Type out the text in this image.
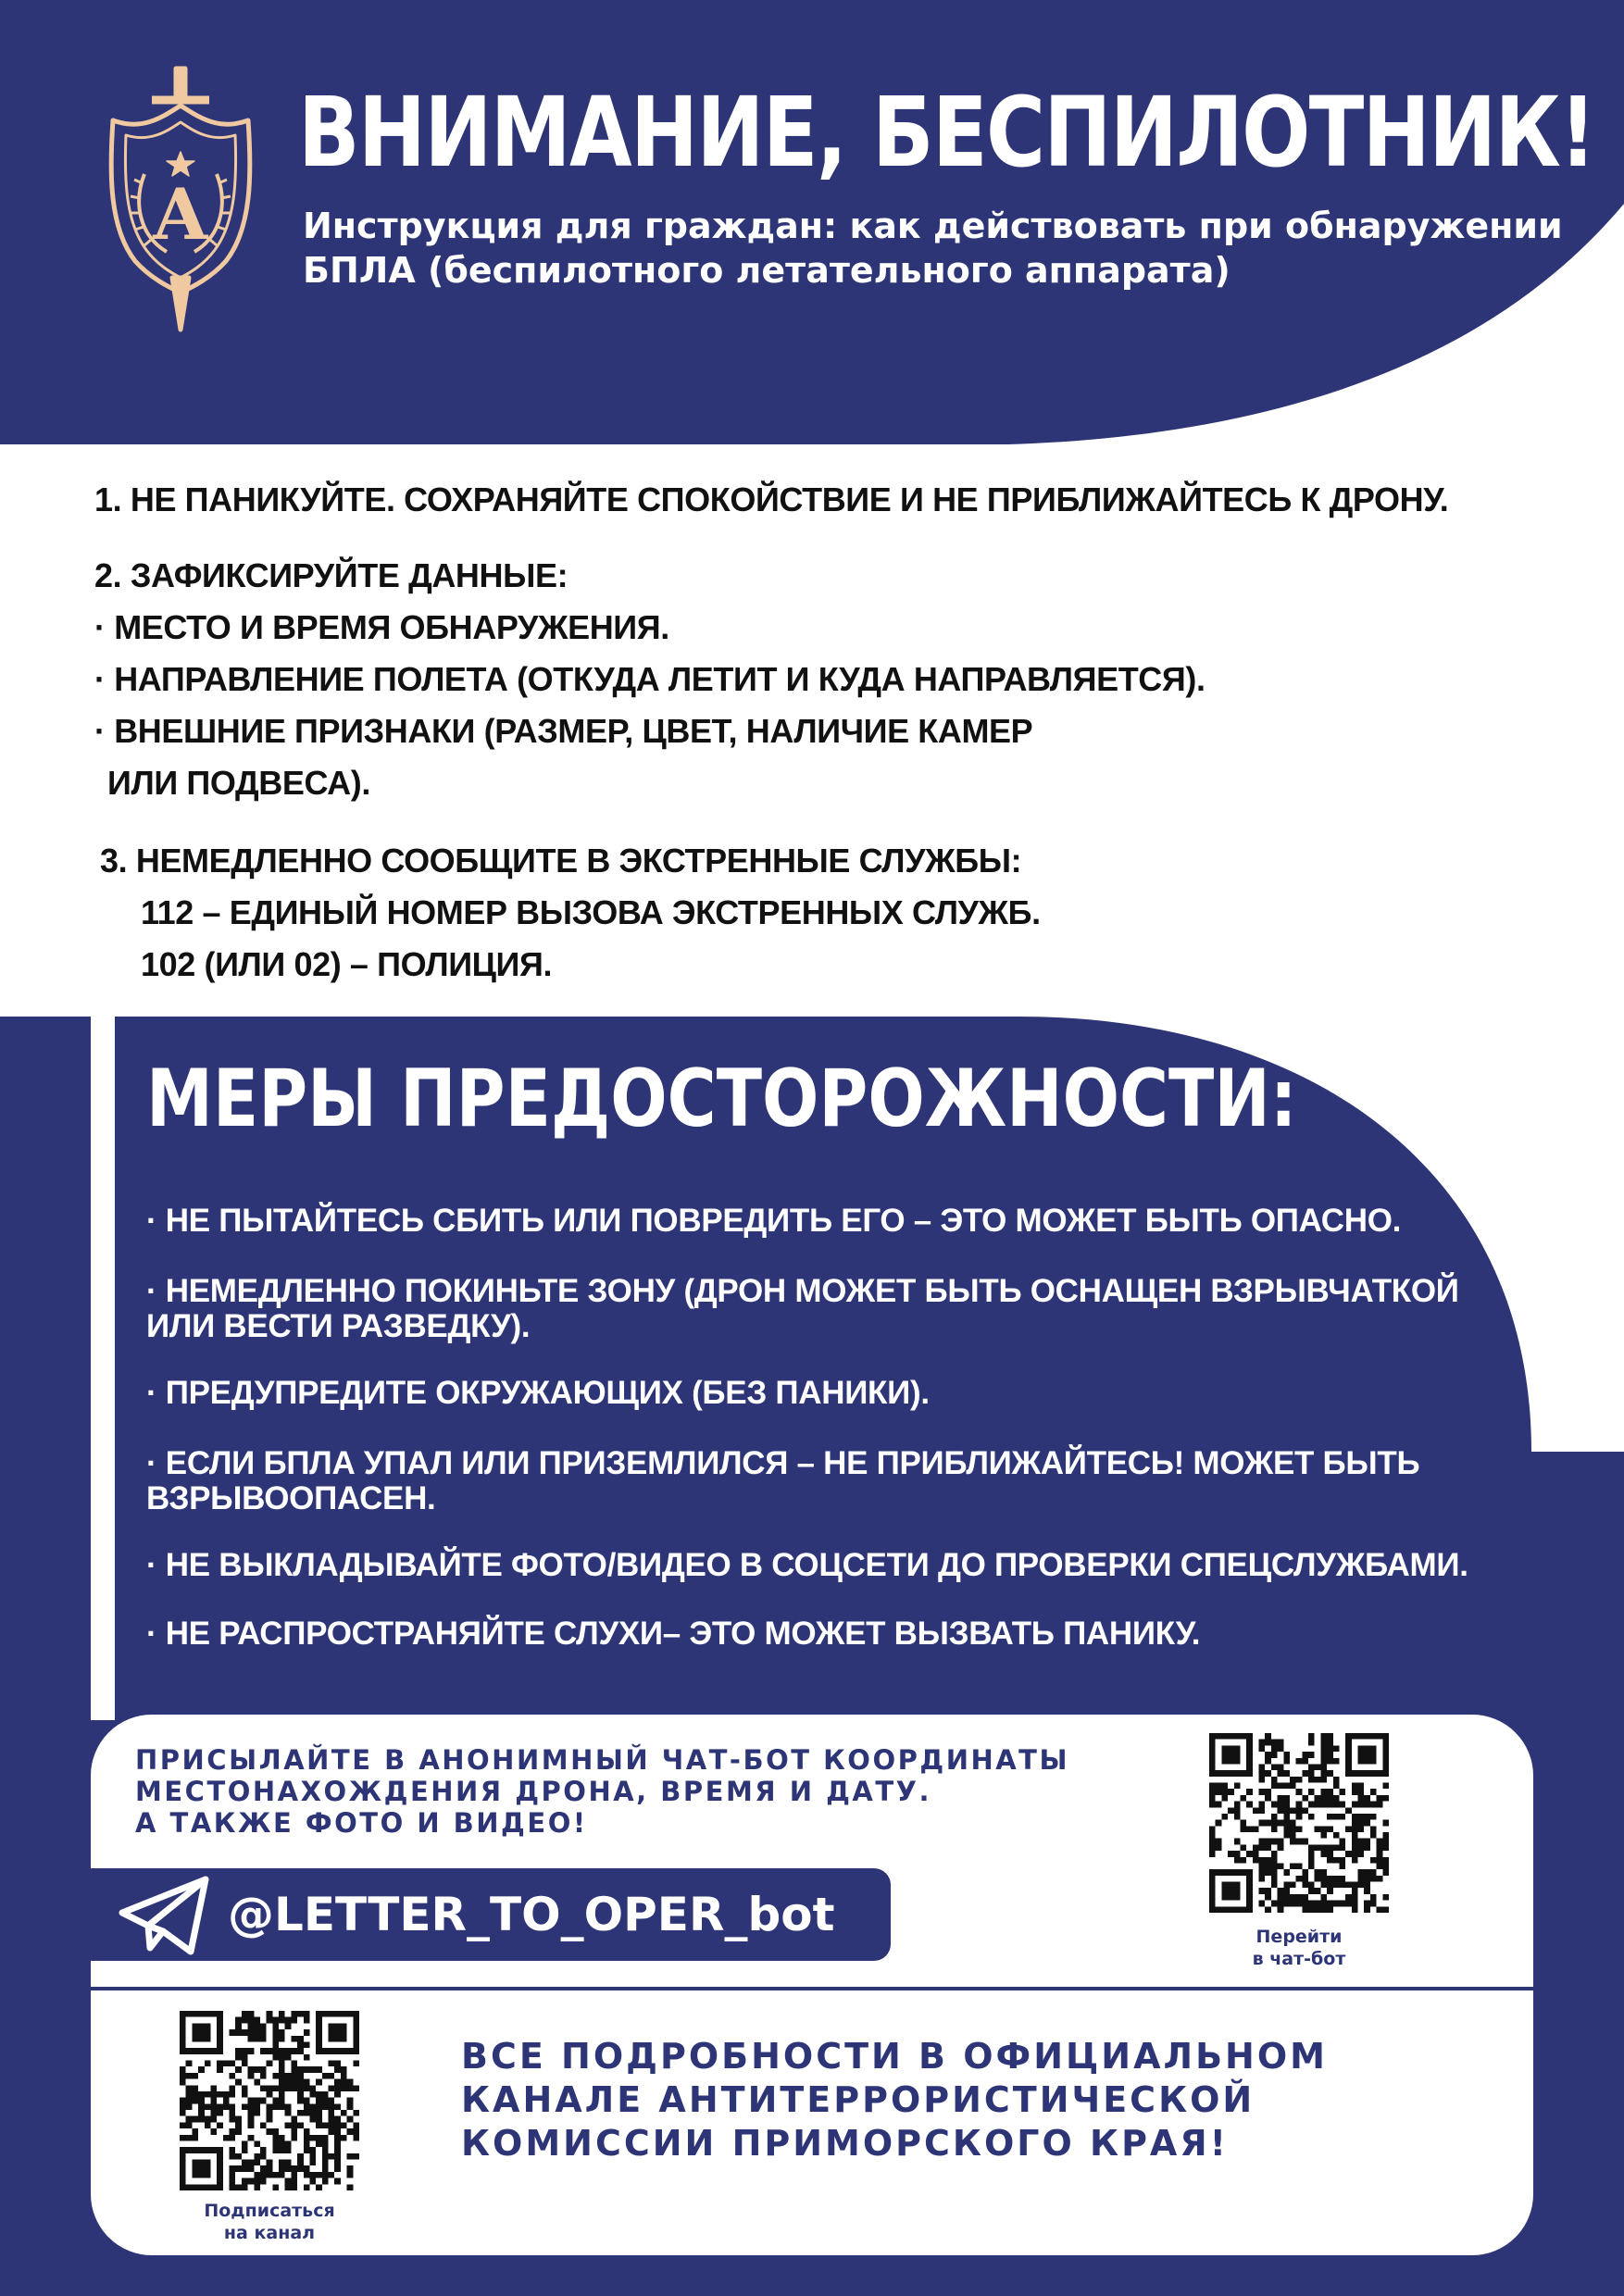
А
ВНИМАНИЕ, БЕСПИЛОТНИК!

Инструкция для граждан: как действовать при обнаружении
БПЛА (беспилотного летательного аппарата)

1. НЕ ПАНИКУЙТЕ. СОХРАНЯЙТЕ СПОКОЙСТВИЕ И НЕ ПРИБЛИЖАЙТЕСЬ К ДРОНУ.

2. ЗАФИКСИРУЙТЕ ДАННЫЕ:

· МЕСТО И ВРЕМЯ ОБНАРУЖЕНИЯ.

· НАПРАВЛЕНИЕ ПОЛЕТА (ОТКУДА ЛЕТИТ И КУДА НАПРАВЛЯЕТСЯ).

· ВНЕШНИЕ ПРИЗНАКИ (РАЗМЕР, ЦВЕТ, НАЛИЧИЕ КАМЕР

ИЛИ ПОДВЕСА).

3. НЕМЕДЛЕННО СООБЩИТЕ В ЭКСТРЕННЫЕ СЛУЖБЫ:

112 – ЕДИНЫЙ НОМЕР ВЫЗОВА ЭКСТРЕННЫХ СЛУЖБ.

102 (ИЛИ 02) – ПОЛИЦИЯ.

МЕРЫ ПРЕДОСТОРОЖНОСТИ:

· НЕ ПЫТАЙТЕСЬ СБИТЬ ИЛИ ПОВРЕДИТЬ ЕГО – ЭТО МОЖЕТ БЫТЬ ОПАСНО.

· НЕМЕДЛЕННО ПОКИНЬТЕ ЗОНУ (ДРОН МОЖЕТ БЫТЬ ОСНАЩЕН ВЗРЫВЧАТКОЙ
ИЛИ ВЕСТИ РАЗВЕДКУ).

· ПРЕДУПРЕДИТЕ ОКРУЖАЮЩИХ (БЕЗ ПАНИКИ).

· ЕСЛИ БПЛА УПАЛ ИЛИ ПРИЗЕМЛИЛСЯ – НЕ ПРИБЛИЖАЙТЕСЬ! МОЖЕТ БЫТЬ
ВЗРЫВООПАСЕН.

· НЕ ВЫКЛАДЫВАЙТЕ ФОТО/ВИДЕО В СОЦСЕТИ ДО ПРОВЕРКИ СПЕЦСЛУЖБАМИ.

· НЕ РАСПРОСТРАНЯЙТЕ СЛУХИ– ЭТО МОЖЕТ ВЫЗВАТЬ ПАНИКУ.

ПРИСЫЛАЙТЕ В АНОНИМНЫЙ ЧАТ-БОТ КООРДИНАТЫ
МЕСТОНАХОЖДЕНИЯ ДРОНА, ВРЕМЯ И ДАТУ.
А ТАКЖЕ ФОТО И ВИДЕО!

@LETTER_TO_OPER_bot	Перейти
в чат-бот

Подписаться
на канал

ВСЕ ПОДРОБНОСТИ В ОФИЦИАЛЬНОМ
КАНАЛЕ АНТИТЕРРОРИСТИЧЕСКОЙ
КОМИССИИ ПРИМОРСКОГО КРАЯ!
